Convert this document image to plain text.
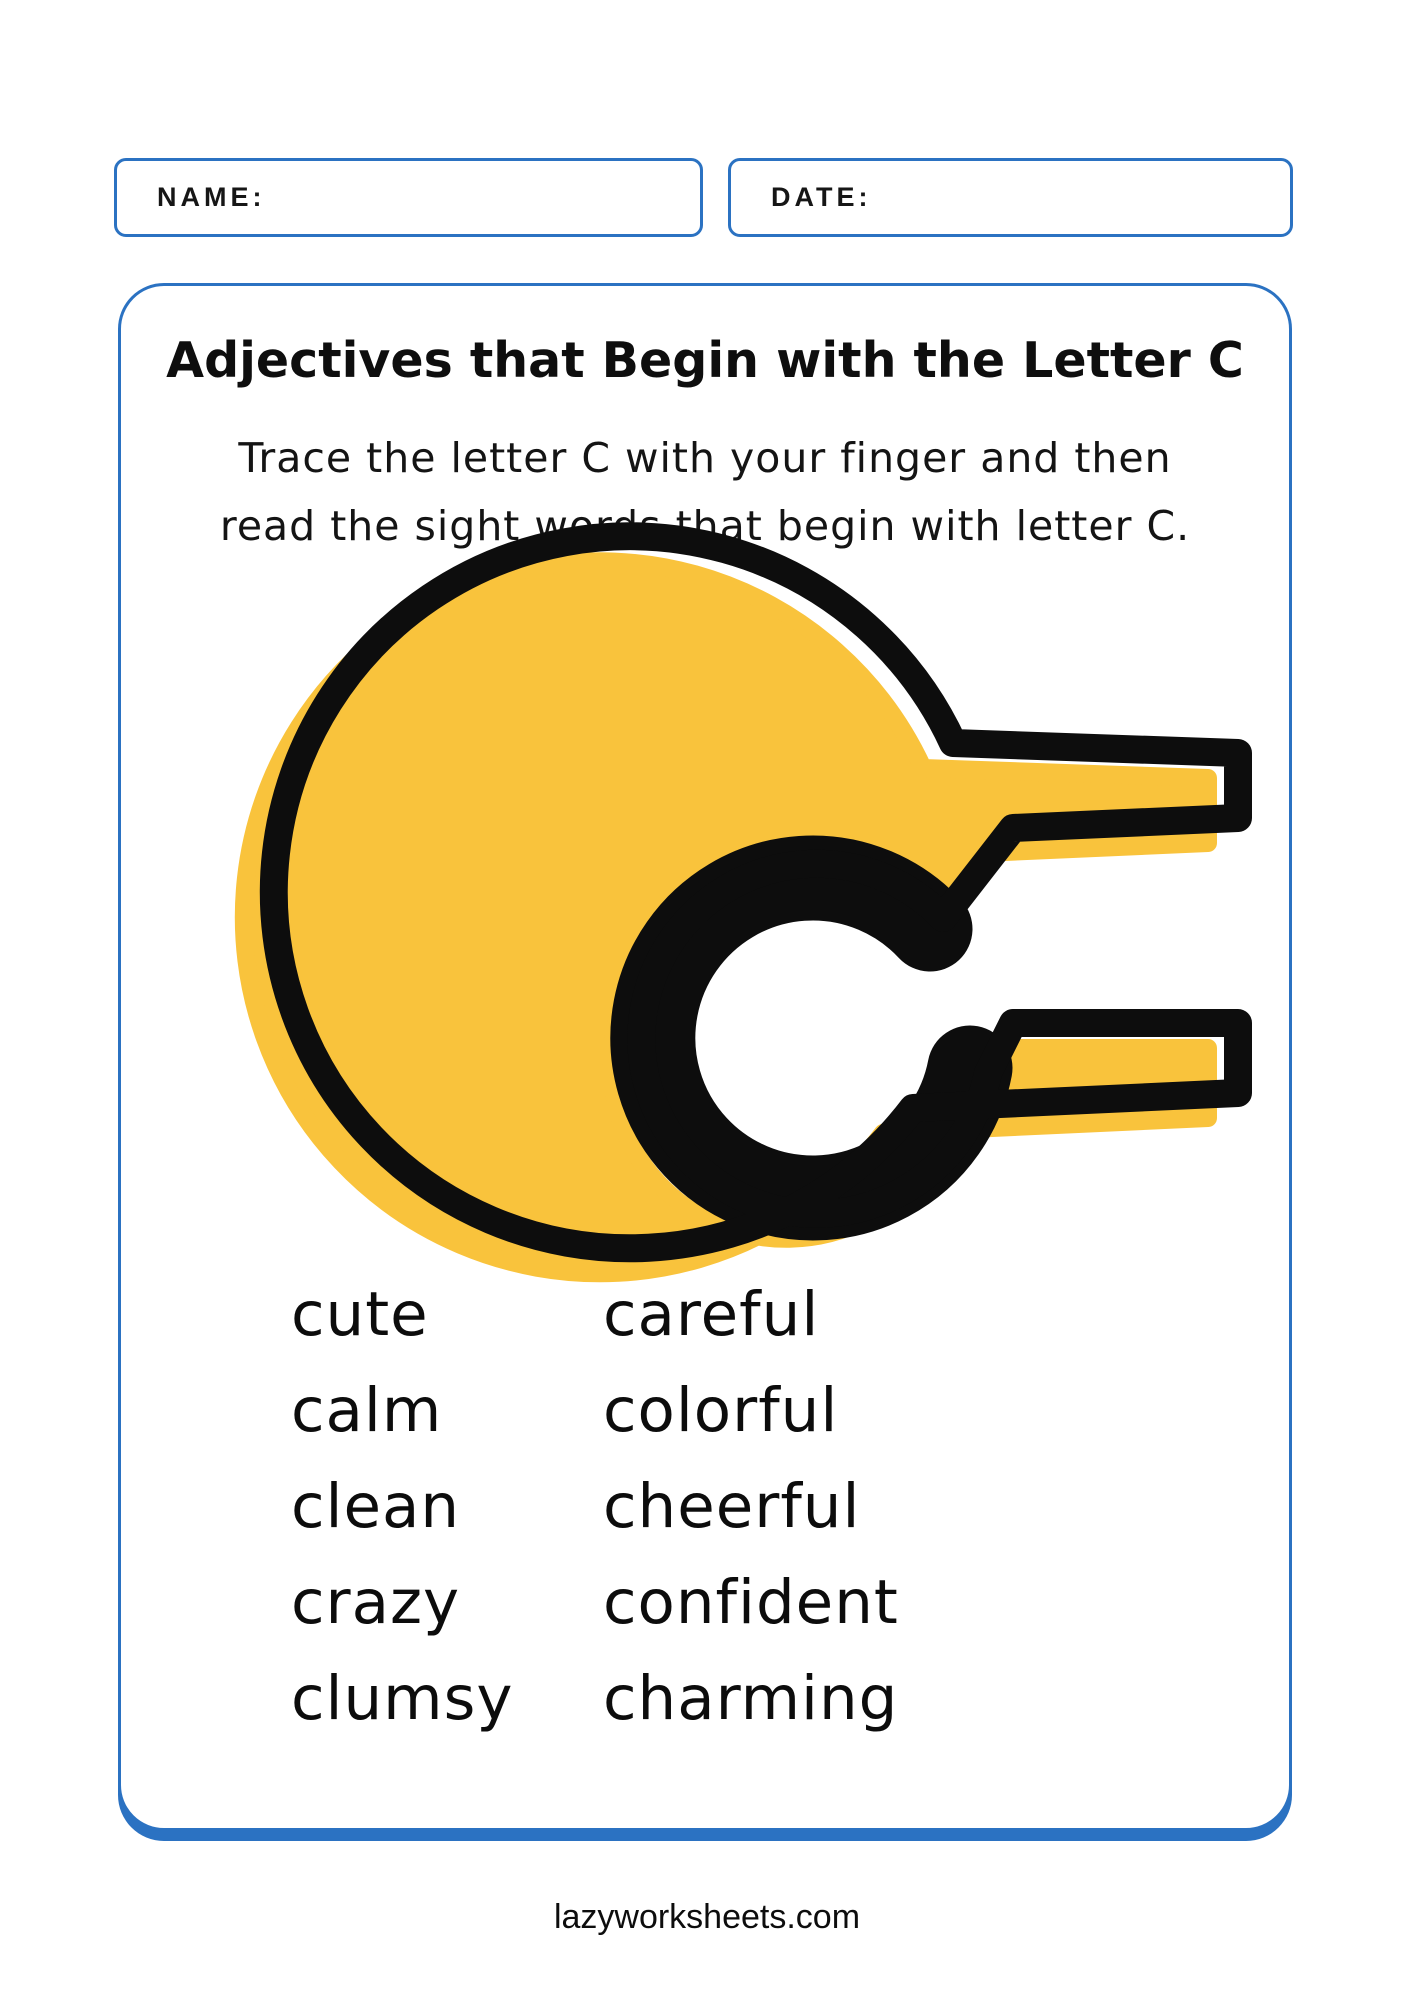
NAME:	DATE:
Adjectives that Begin with the Letter C
Trace the letter C with your finger and then
read the sight words that begin with letter C.
cute	careful
calm	colorful
clean	cheerful
crazy	confident
clumsy	charming
lazyworksheets.com
